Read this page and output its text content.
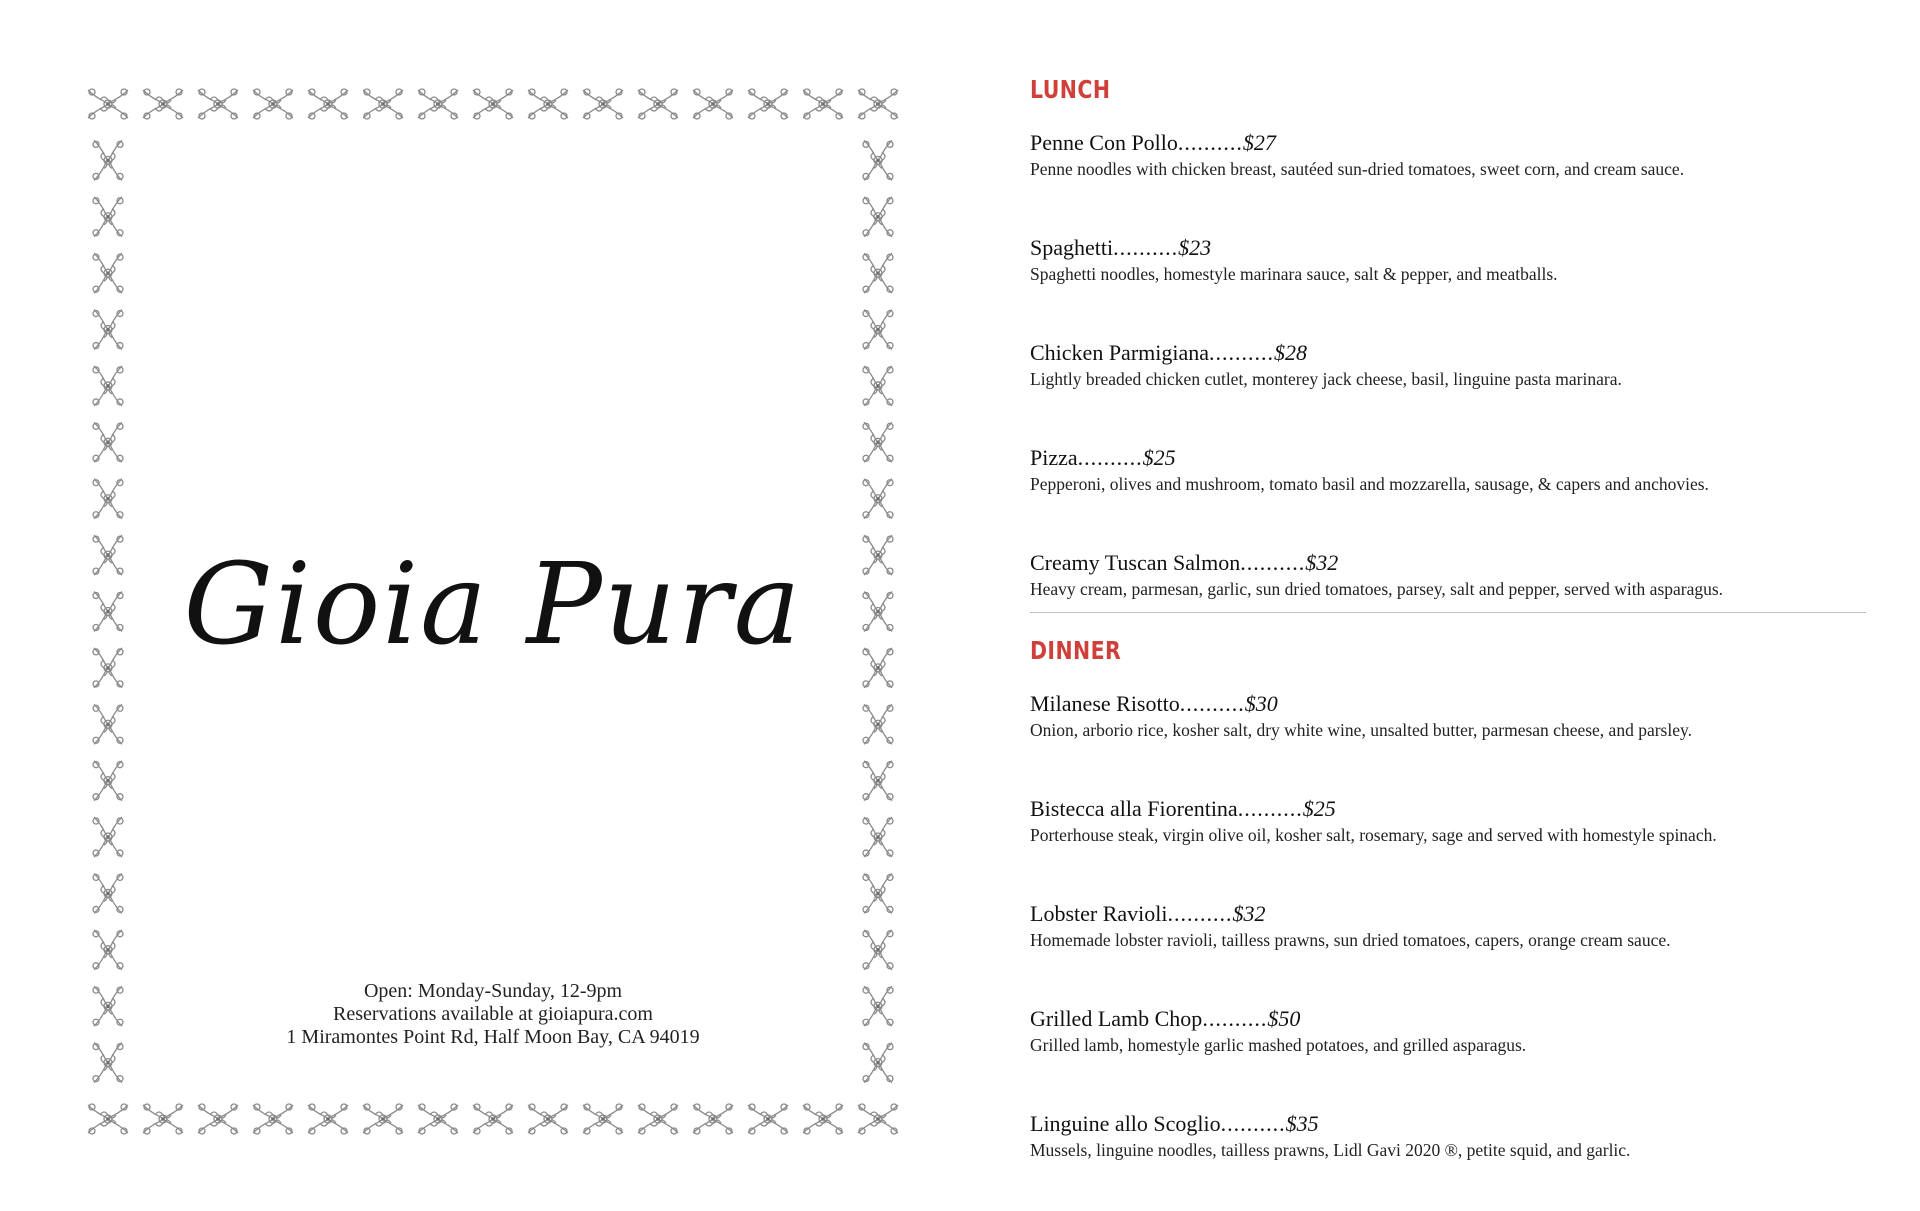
Gioia Pura
Open: Monday-Sunday, 12-9pm
Reservations available at gioiapura.com
1 Miramontes Point Rd, Half Moon Bay, CA 94019
LUNCH
Penne Con Pollo..........$27
Penne noodles with chicken breast, sautéed sun-dried tomatoes, sweet corn, and cream sauce.
Spaghetti..........$23
Spaghetti noodles, homestyle marinara sauce, salt & pepper, and meatballs.
Chicken Parmigiana..........$28
Lightly breaded chicken cutlet, monterey jack cheese, basil, linguine pasta marinara.
Pizza..........$25
Pepperoni, olives and mushroom, tomato basil and mozzarella, sausage, & capers and anchovies.
Creamy Tuscan Salmon..........$32
Heavy cream, parmesan, garlic, sun dried tomatoes, parsey, salt and pepper, served with asparagus.
DINNER
Milanese Risotto..........$30
Onion, arborio rice, kosher salt, dry white wine, unsalted butter, parmesan cheese, and parsley.
Bistecca alla Fiorentina..........$25
Porterhouse steak, virgin olive oil, kosher salt, rosemary, sage and served with homestyle spinach.
Lobster Ravioli..........$32
Homemade lobster ravioli, tailless prawns, sun dried tomatoes, capers, orange cream sauce.
Grilled Lamb Chop..........$50
Grilled lamb, homestyle garlic mashed potatoes, and grilled asparagus.
Linguine allo Scoglio..........$35
Mussels, linguine noodles, tailless prawns, Lidl Gavi 2020 ®, petite squid, and garlic.
